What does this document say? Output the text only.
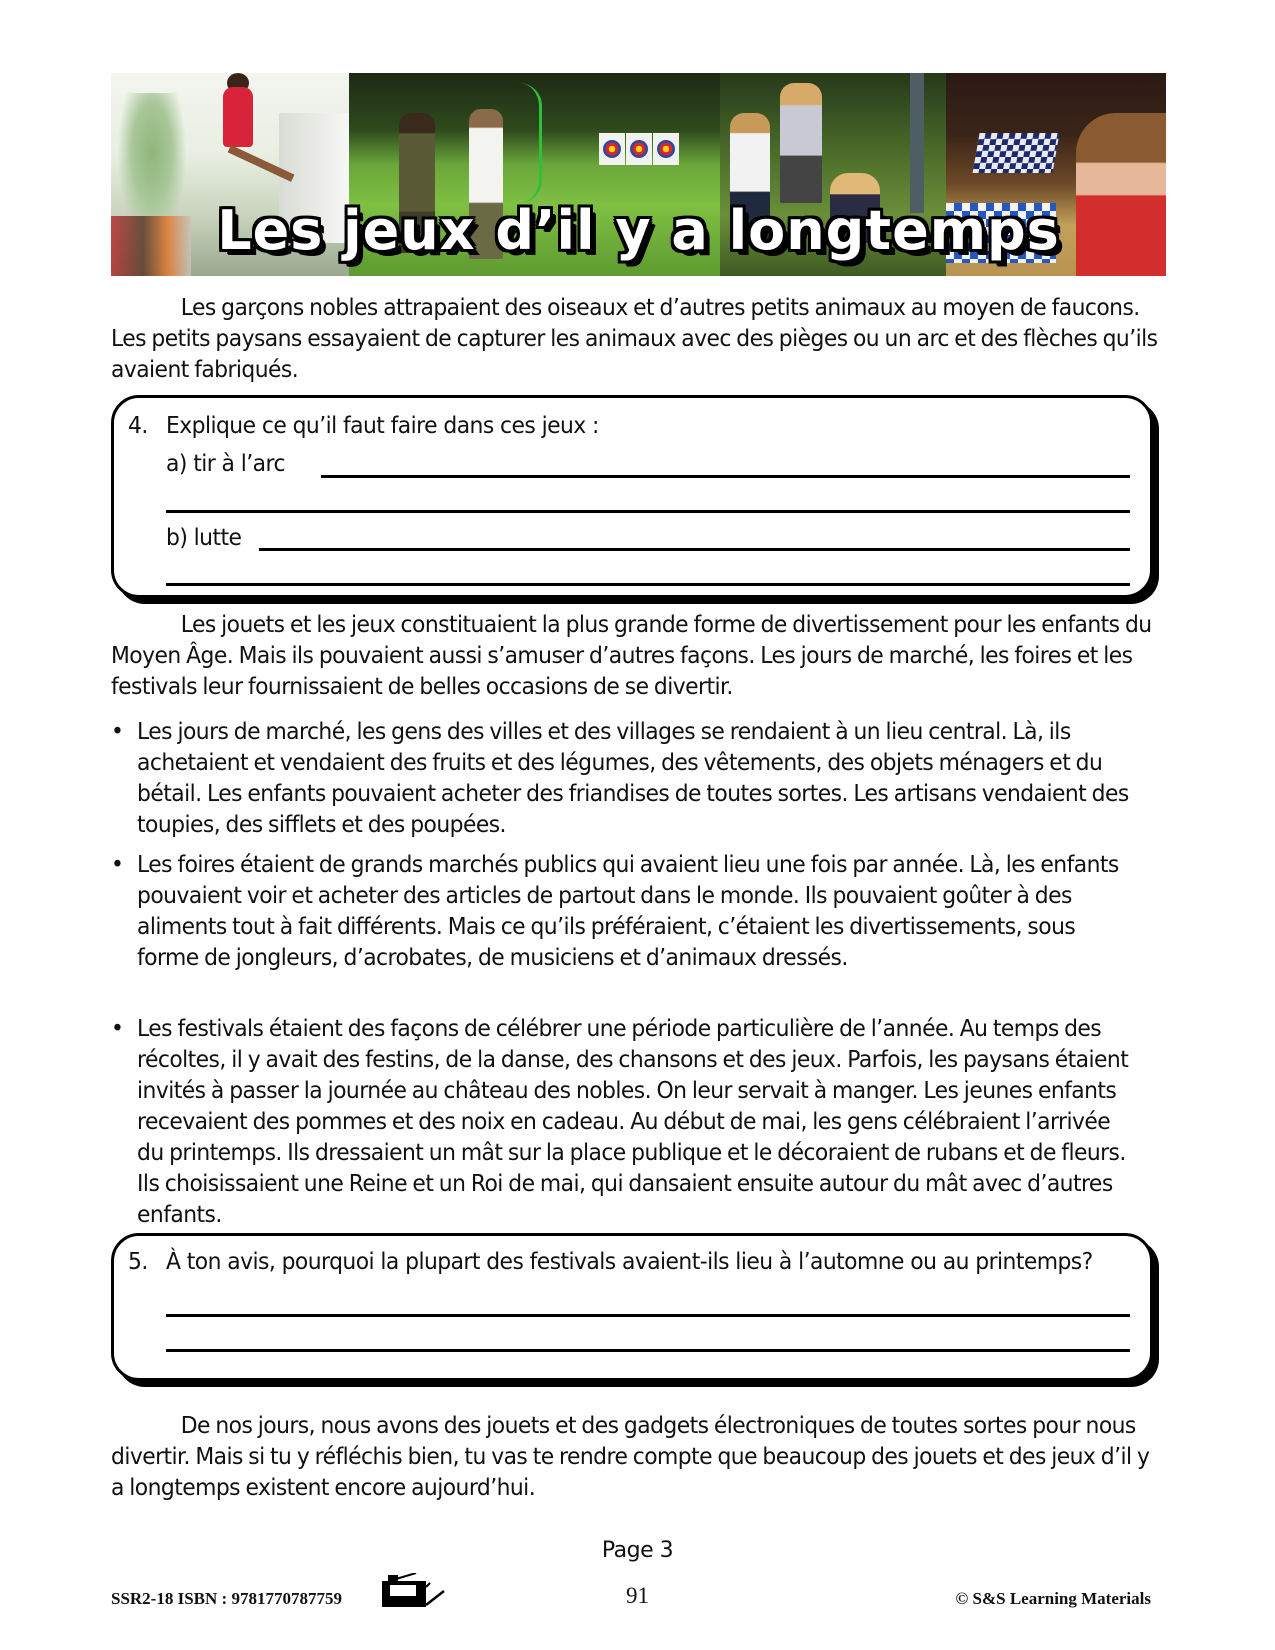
Les jeux d’il y a longtemps
Les garçons nobles attrapaient des oiseaux et d’autres petits animaux au moyen de faucons. Les petits paysans essayaient de capturer les animaux avec des pièges ou un arc et des flèches qu’ils avaient fabriqués.
4. Explique ce qu’il faut faire dans ces jeux :
a) tir à l’arc
b) lutte
Les jouets et les jeux constituaient la plus grande forme de divertissement pour les enfants du Moyen Âge. Mais ils pouvaient aussi s’amuser d’autres façons. Les jours de marché, les foires et les festivals leur fournissaient de belles occasions de se divertir.
• Les jours de marché, les gens des villes et des villages se rendaient à un lieu central. Là, ils achetaient et vendaient des fruits et des légumes, des vêtements, des objets ménagers et du bétail. Les enfants pouvaient acheter des friandises de toutes sortes. Les artisans vendaient des toupies, des sifflets et des poupées.
• Les foires étaient de grands marchés publics qui avaient lieu une fois par année. Là, les enfants pouvaient voir et acheter des articles de partout dans le monde. Ils pouvaient goûter à des aliments tout à fait différents. Mais ce qu’ils préféraient, c’étaient les divertissements, sous forme de jongleurs, d’acrobates, de musiciens et d’animaux dressés.
• Les festivals étaient des façons de célébrer une période particulière de l’année. Au temps des récoltes, il y avait des festins, de la danse, des chansons et des jeux. Parfois, les paysans étaient invités à passer la journée au château des nobles. On leur servait à manger. Les jeunes enfants recevaient des pommes et des noix en cadeau. Au début de mai, les gens célébraient l’arrivée du printemps. Ils dressaient un mât sur la place publique et le décoraient de rubans et de fleurs. Ils choisissaient une Reine et un Roi de mai, qui dansaient ensuite autour du mât avec d’autres enfants.
5. À ton avis, pourquoi la plupart des festivals avaient-ils lieu à l’automne ou au printemps?
De nos jours, nous avons des jouets et des gadgets électroniques de toutes sortes pour nous divertir. Mais si tu y réfléchis bien, tu vas te rendre compte que beaucoup des jouets et des jeux d’il y a longtemps existent encore aujourd’hui.
Page 3
SSR2-18 ISBN : 9781770787759	91	© S&S Learning Materials
